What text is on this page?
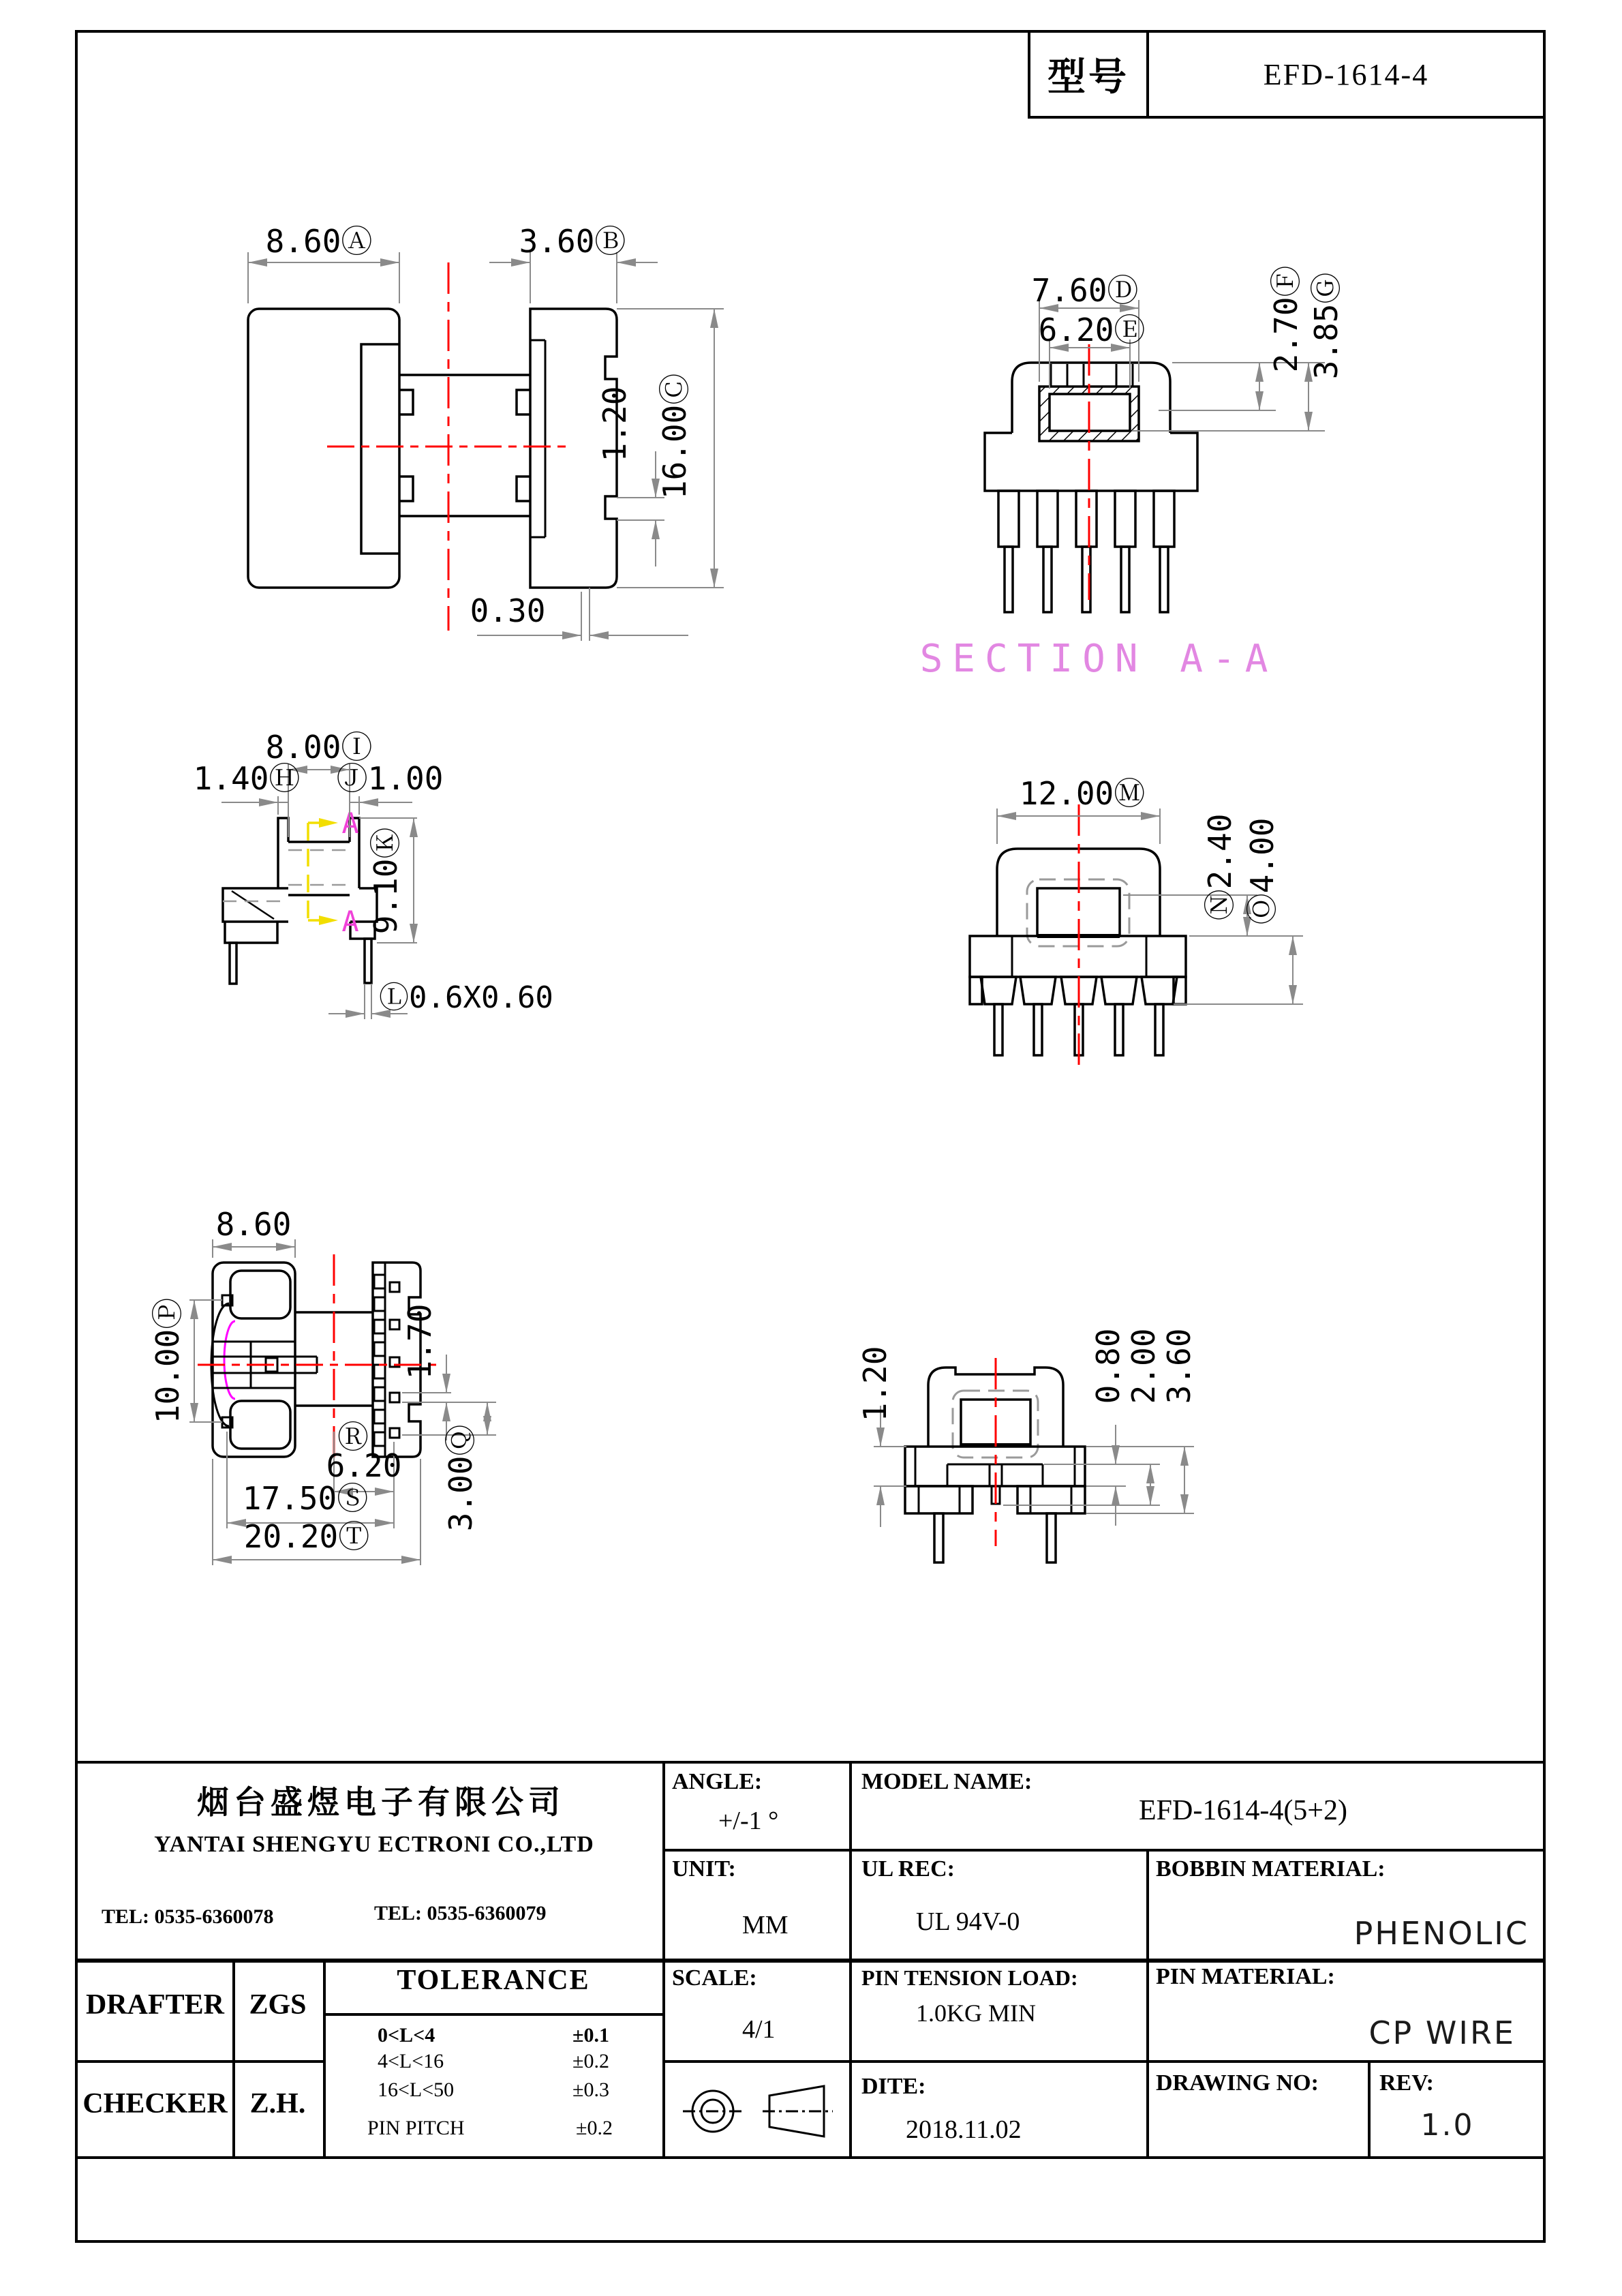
8.60Ⓐ	3.60Ⓑ
1.20 16.00Ⓒ
0.30
7.60Ⓓ
6.20Ⓔ	2.70Ⓕ 3.85Ⓖ
SECTION A-A
A
A
8.00Ⓘ
1.40Ⓗ Ⓙ1.00
9.10Ⓚ
Ⓛ0.6X0.60
12.00Ⓜ
Ⓝ2.40 Ⓞ4.00
8.60
10.00Ⓟ	1.70
Ⓡ
6.20
17.50Ⓢ
20.20Ⓣ
3.00Ⓠ
1.20	0.80
2.00
3.60
型号	EFD-1614-4
烟台盛煜电子有限公司
YANTAI SHENGYU ECTRONI CO.,LTD
TEL: 0535-6360078	TEL: 0535-6360079
DRAFTER ZGS
CHECKER Z.H.
TOLERANCE
0<L<4	±0.1
4<L<16	±0.2
16<L<50	±0.3
PIN PITCH	±0.2
ANGLE:
+/-1 °
UNIT:
MM
SCALE:
4/1
MODEL NAME:
EFD-1614-4(5+2)
UL REC:
UL 94V-0
PIN TENSION LOAD:
1.0KG MIN
DITE:
2018.11.02
BOBBIN MATERIAL:
PHENOLIC
PIN MATERIAL:
CP WIRE
DRAWING NO:	REV:
1.0
